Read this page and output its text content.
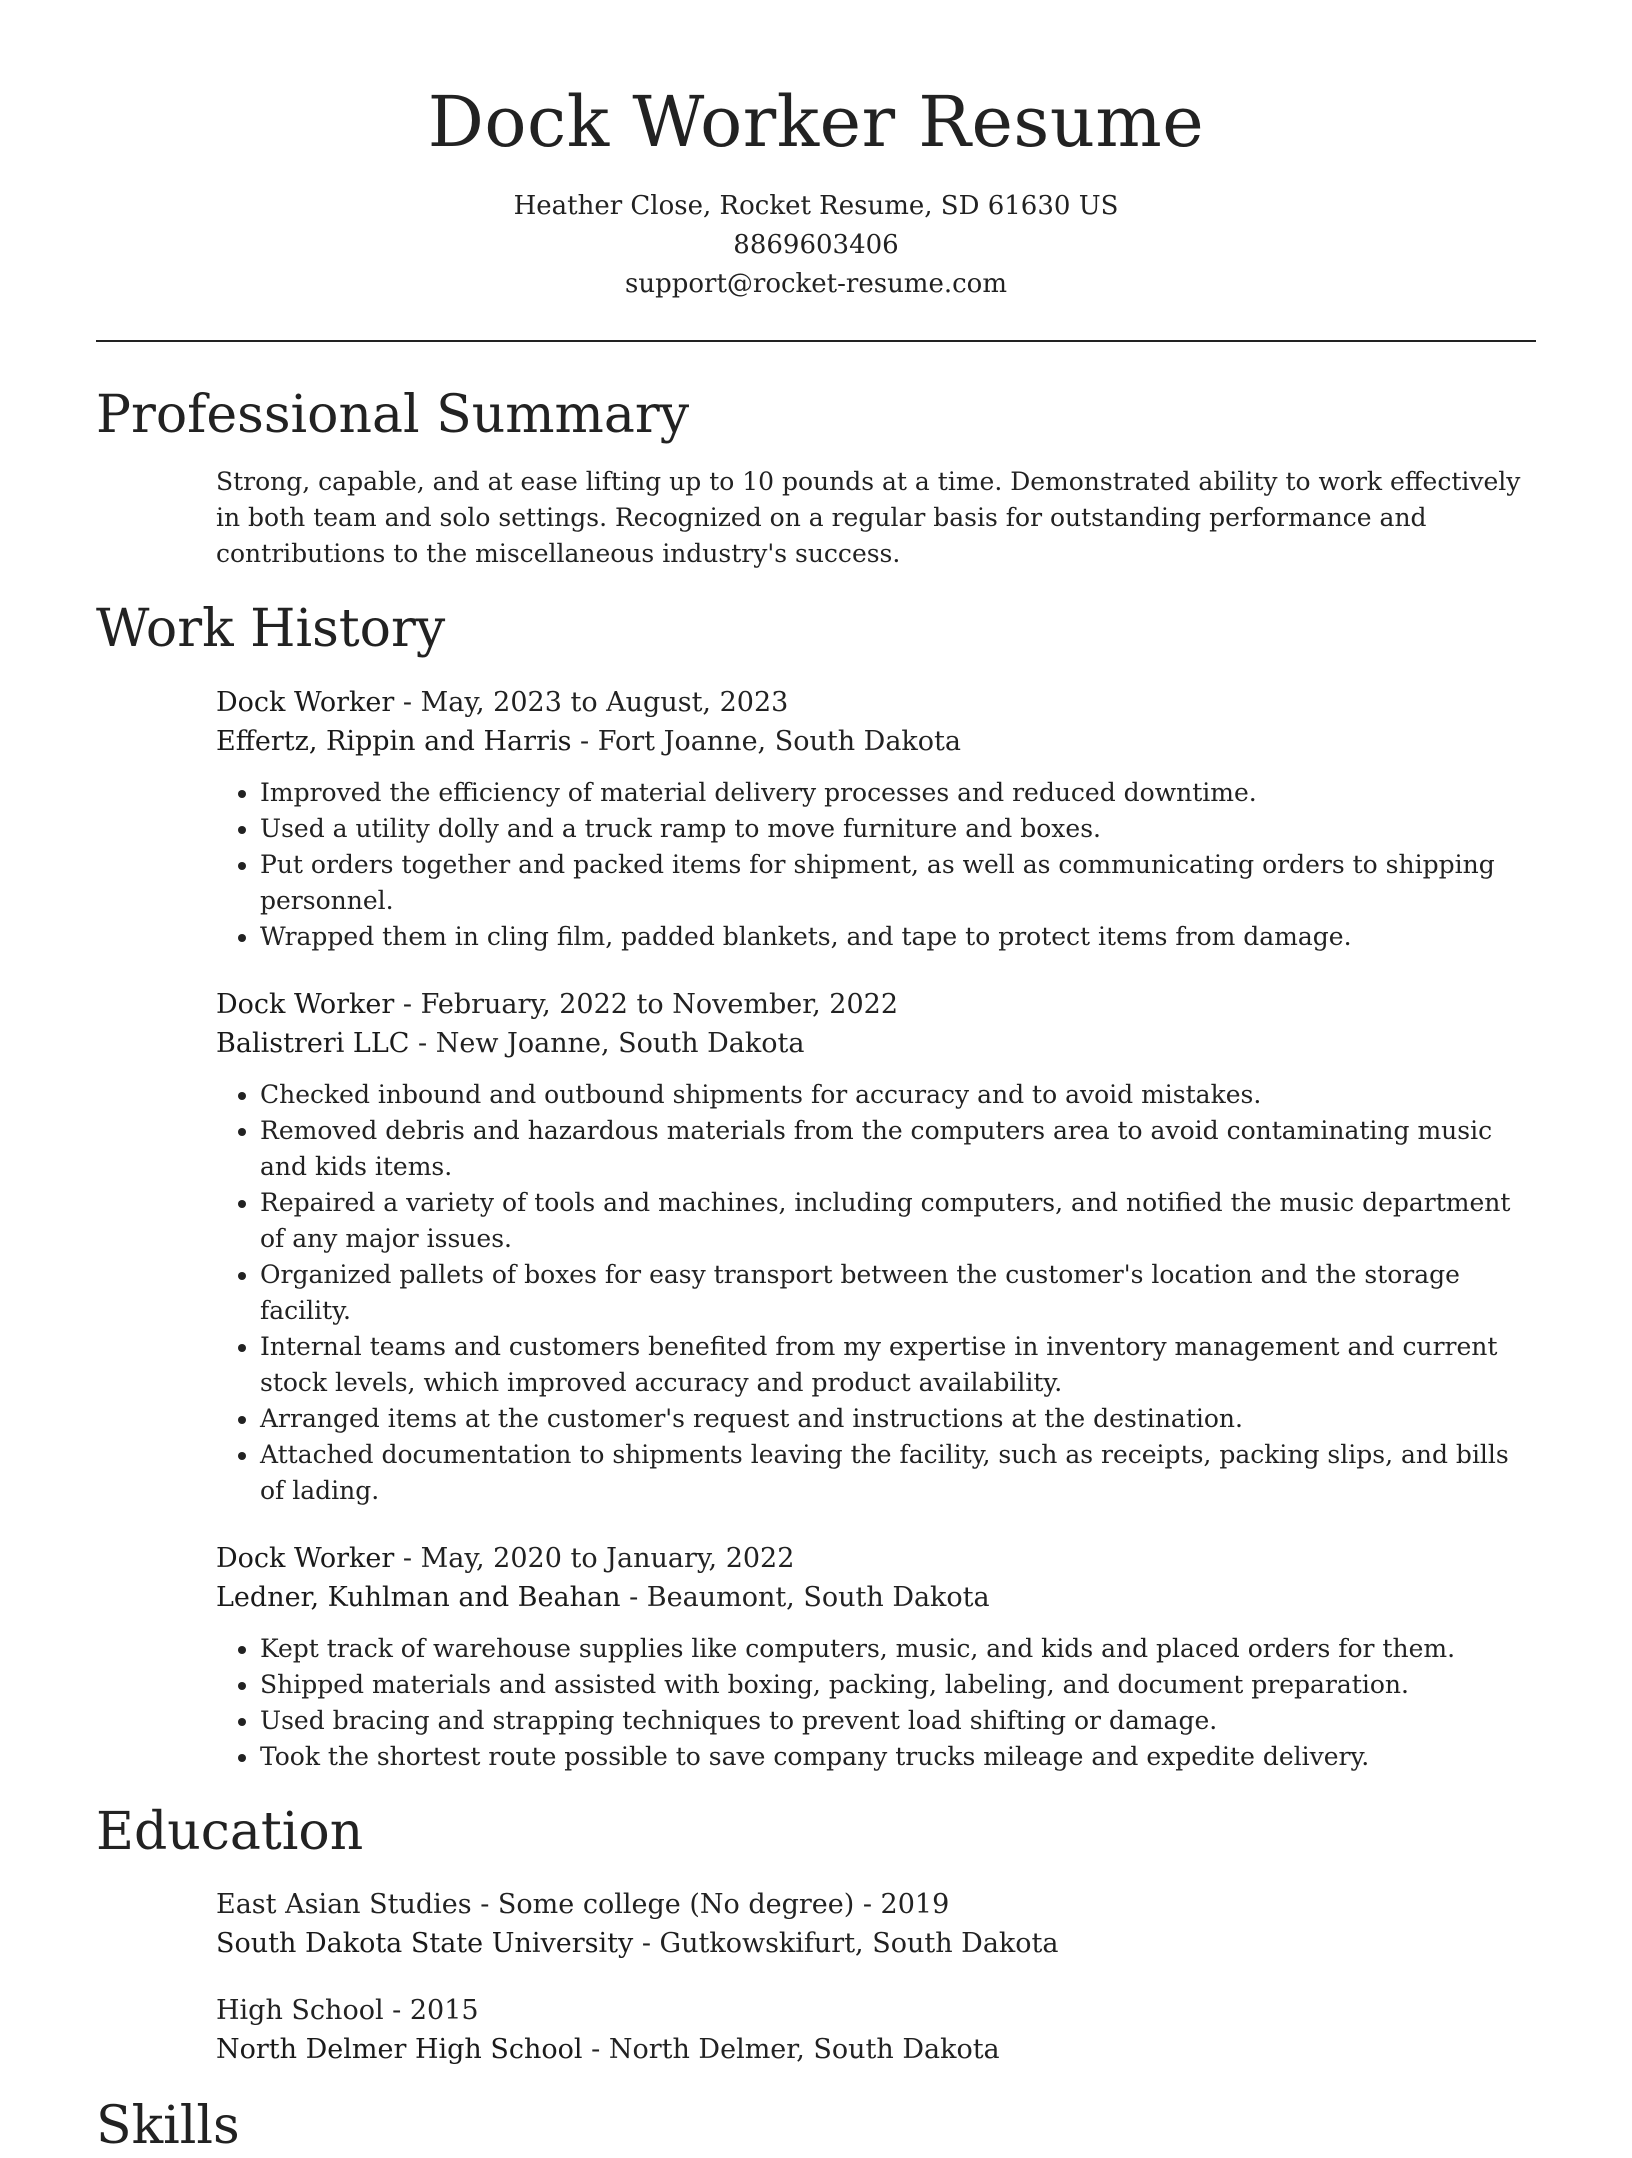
Dock Worker Resume
Heather Close, Rocket Resume, SD 61630 US
8869603406
support@rocket-resume.com
Professional Summary
Strong, capable, and at ease lifting up to 10 pounds at a time. Demonstrated ability to work effectively in both team and solo settings. Recognized on a regular basis for outstanding performance and contributions to the miscellaneous industry's success.
Work History
Dock Worker - May, 2023 to August, 2023
Effertz, Rippin and Harris - Fort Joanne, South Dakota
• Improved the efficiency of material delivery processes and reduced downtime.
• Used a utility dolly and a truck ramp to move furniture and boxes.
• Put orders together and packed items for shipment, as well as communicating orders to shipping personnel.
• Wrapped them in cling film, padded blankets, and tape to protect items from damage.
Dock Worker - February, 2022 to November, 2022
Balistreri LLC - New Joanne, South Dakota
• Checked inbound and outbound shipments for accuracy and to avoid mistakes.
• Removed debris and hazardous materials from the computers area to avoid contaminating music and kids items.
• Repaired a variety of tools and machines, including computers, and notified the music department of any major issues.
• Organized pallets of boxes for easy transport between the customer's location and the storage facility.
• Internal teams and customers benefited from my expertise in inventory management and current stock levels, which improved accuracy and product availability.
• Arranged items at the customer's request and instructions at the destination.
• Attached documentation to shipments leaving the facility, such as receipts, packing slips, and bills of lading.
Dock Worker - May, 2020 to January, 2022
Ledner, Kuhlman and Beahan - Beaumont, South Dakota
• Kept track of warehouse supplies like computers, music, and kids and placed orders for them.
• Shipped materials and assisted with boxing, packing, labeling, and document preparation.
• Used bracing and strapping techniques to prevent load shifting or damage.
• Took the shortest route possible to save company trucks mileage and expedite delivery.
Education
East Asian Studies - Some college (No degree) - 2019
South Dakota State University - Gutkowskifurt, South Dakota
High School - 2015
North Delmer High School - North Delmer, South Dakota
Skills
